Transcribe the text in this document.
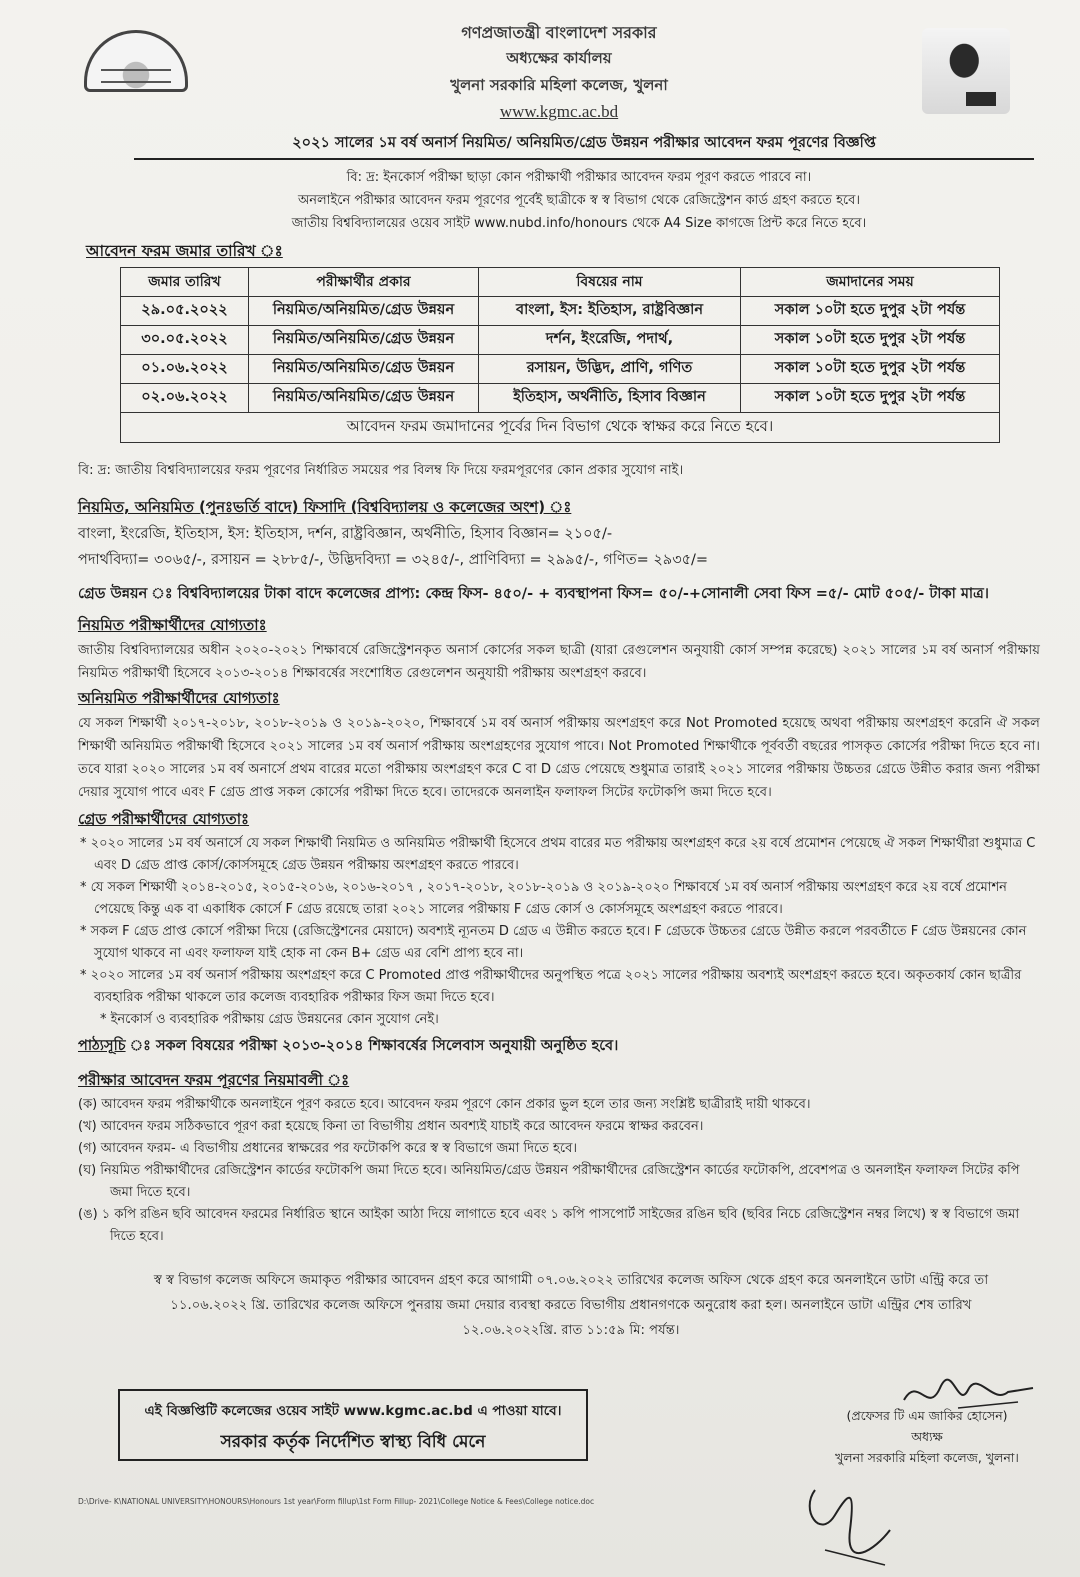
গণপ্রজাতন্ত্রী বাংলাদেশ সরকার
অধ্যক্ষের কার্যালয়
খুলনা সরকারি মহিলা কলেজ, খুলনা
www.kgmc.ac.bd
২০২১ সালের ১ম বর্ষ অনার্স নিয়মিত/ অনিয়মিত/গ্রেড উন্নয়ন পরীক্ষার আবেদন ফরম পূরণের বিজ্ঞপ্তি
বি: দ্র: ইনকোর্স পরীক্ষা ছাড়া কোন পরীক্ষার্থী পরীক্ষার আবেদন ফরম পূরণ করতে পারবে না।
অনলাইনে পরীক্ষার আবেদন ফরম পূরণের পূর্বেই ছাত্রীকে স্ব স্ব বিভাগ থেকে রেজিস্ট্রেশন কার্ড গ্রহণ করতে হবে।
জাতীয় বিশ্ববিদ্যালয়ের ওয়েব সাইট www.nubd.info/honours থেকে A4 Size কাগজে প্রিন্ট করে নিতে হবে।
আবেদন ফরম জমার তারিখ ঃ
জমার তারিখ	পরীক্ষার্থীর প্রকার	বিষয়ের নাম	জমাদানের সময়
২৯.০৫.২০২২	নিয়মিত/অনিয়মিত/গ্রেড উন্নয়ন	বাংলা, ইস: ইতিহাস, রাষ্ট্রবিজ্ঞান	সকাল ১০টা হতে দুপুর ২টা পর্যন্ত
৩০.০৫.২০২২	নিয়মিত/অনিয়মিত/গ্রেড উন্নয়ন	দর্শন, ইংরেজি, পদার্থ,	সকাল ১০টা হতে দুপুর ২টা পর্যন্ত
০১.০৬.২০২২	নিয়মিত/অনিয়মিত/গ্রেড উন্নয়ন	রসায়ন, উদ্ভিদ, প্রাণি, গণিত	সকাল ১০টা হতে দুপুর ২টা পর্যন্ত
০২.০৬.২০২২	নিয়মিত/অনিয়মিত/গ্রেড উন্নয়ন	ইতিহাস, অর্থনীতি, হিসাব বিজ্ঞান	সকাল ১০টা হতে দুপুর ২টা পর্যন্ত
আবেদন ফরম জমাদানের পূর্বের দিন বিভাগ থেকে স্বাক্ষর করে নিতে হবে।			
বি: দ্র: জাতীয় বিশ্ববিদ্যালয়ের ফরম পূরণের নির্ধারিত সময়ের পর বিলম্ব ফি দিয়ে ফরমপূরণের কোন প্রকার সুযোগ নাই।
নিয়মিত, অনিয়মিত (পুনঃভর্তি বাদে) ফিসাদি (বিশ্ববিদ্যালয় ও কলেজের অংশ) ঃ
বাংলা, ইংরেজি, ইতিহাস, ইস: ইতিহাস, দর্শন, রাষ্ট্রবিজ্ঞান, অর্থনীতি, হিসাব বিজ্ঞান= ২১০৫/-
পদার্থবিদ্যা= ৩০৬৫/-, রসায়ন = ২৮৮৫/-, উদ্ভিদবিদ্যা = ৩২৪৫/-, প্রাণিবিদ্যা = ২৯৯৫/-, গণিত= ২৯৩৫/=
গ্রেড উন্নয়ন ঃ বিশ্ববিদ্যালয়ের টাকা বাদে কলেজের প্রাপ্য: কেন্দ্র ফিস- ৪৫০/- + ব্যবস্থাপনা ফিস= ৫০/-+সোনালী সেবা ফিস =৫/- মোট ৫০৫/- টাকা মাত্র।
নিয়মিত পরীক্ষার্থীদের যোগ্যতাঃ
জাতীয় বিশ্ববিদ্যালয়ের অধীন ২০২০-২০২১ শিক্ষাবর্ষে রেজিস্ট্রেশনকৃত অনার্স কোর্সের সকল ছাত্রী (যারা রেগুলেশন অনুযায়ী কোর্স সম্পন্ন করেছে) ২০২১ সালের ১ম বর্ষ অনার্স পরীক্ষায় নিয়মিত পরীক্ষার্থী হিসেবে ২০১৩-২০১৪ শিক্ষাবর্ষের সংশোধিত রেগুলেশন অনুযায়ী পরীক্ষায় অংশগ্রহণ করবে।
অনিয়মিত পরীক্ষার্থীদের যোগ্যতাঃ
যে সকল শিক্ষার্থী ২০১৭-২০১৮, ২০১৮-২০১৯ ও ২০১৯-২০২০, শিক্ষাবর্ষে ১ম বর্ষ অনার্স পরীক্ষায় অংশগ্রহণ করে Not Promoted হয়েছে অথবা পরীক্ষায় অংশগ্রহণ করেনি ঐ সকল শিক্ষার্থী অনিয়মিত পরীক্ষার্থী হিসেবে ২০২১ সালের ১ম বর্ষ অনার্স পরীক্ষায় অংশগ্রহণের সুযোগ পাবে। Not Promoted শিক্ষার্থীকে পূর্ববর্তী বছরের পাসকৃত কোর্সের পরীক্ষা দিতে হবে না। তবে যারা ২০২০ সালের ১ম বর্ষ অনার্সে প্রথম বারের মতো পরীক্ষায় অংশগ্রহণ করে C বা D গ্রেড পেয়েছে শুধুমাত্র তারাই ২০২১ সালের পরীক্ষায় উচ্চতর গ্রেডে উন্নীত করার জন্য পরীক্ষা দেয়ার সুযোগ পাবে এবং F গ্রেড প্রাপ্ত সকল কোর্সের পরীক্ষা দিতে হবে। তাদেরকে অনলাইন ফলাফল সিটের ফটোকপি জমা দিতে হবে।
গ্রেড পরীক্ষার্থীদের যোগ্যতাঃ
* ২০২০ সালের ১ম বর্ষ অনার্সে যে সকল শিক্ষার্থী নিয়মিত ও অনিয়মিত পরীক্ষার্থী হিসেবে প্রথম বারের মত পরীক্ষায় অংশগ্রহণ করে ২য় বর্ষে প্রমোশন পেয়েছে ঐ সকল শিক্ষার্থীরা শুধুমাত্র C এবং D গ্রেড প্রাপ্ত কোর্স/কোর্সসমূহে গ্রেড উন্নয়ন পরীক্ষায় অংশগ্রহণ করতে পারবে।
* যে সকল শিক্ষার্থী ২০১৪-২০১৫, ২০১৫-২০১৬, ২০১৬-২০১৭ , ২০১৭-২০১৮, ২০১৮-২০১৯ ও ২০১৯-২০২০ শিক্ষাবর্ষে ১ম বর্ষ অনার্স পরীক্ষায় অংশগ্রহণ করে ২য় বর্ষে প্রমোশন পেয়েছে কিন্তু এক বা একাধিক কোর্সে F গ্রেড রয়েছে তারা ২০২১ সালের পরীক্ষায় F গ্রেড কোর্স ও কোর্সসমূহে অংশগ্রহণ করতে পারবে।
* সকল F গ্রেড প্রাপ্ত কোর্সে পরীক্ষা দিয়ে (রেজিস্ট্রেশনের মেয়াদে) অবশ্যই ন্যূনতম D গ্রেড এ উন্নীত করতে হবে। F গ্রেডকে উচ্চতর গ্রেডে উন্নীত করলে পরবর্তীতে F গ্রেড উন্নয়নের কোন সুযোগ থাকবে না এবং ফলাফল যাই হোক না কেন B+ গ্রেড এর বেশি প্রাপ্য হবে না।
* ২০২০ সালের ১ম বর্ষ অনার্স পরীক্ষায় অংশগ্রহণ করে C Promoted প্রাপ্ত পরীক্ষার্থীদের অনুপস্থিত পত্রে ২০২১ সালের পরীক্ষায় অবশ্যই অংশগ্রহণ করতে হবে। অকৃতকার্য কোন ছাত্রীর ব্যবহারিক পরীক্ষা থাকলে তার কলেজ ব্যবহারিক পরীক্ষার ফিস জমা দিতে হবে।
* ইনকোর্স ও ব্যবহারিক পরীক্ষায় গ্রেড উন্নয়নের কোন সুযোগ নেই।
পাঠ্যসূচি ঃ সকল বিষয়ের পরীক্ষা ২০১৩-২০১৪ শিক্ষাবর্ষের সিলেবাস অনুযায়ী অনুষ্ঠিত হবে।
পরীক্ষার আবেদন ফরম পূরণের নিয়মাবলী ঃ
(ক) আবেদন ফরম পরীক্ষার্থীকে অনলাইনে পূরণ করতে হবে। আবেদন ফরম পূরণে কোন প্রকার ভুল হলে তার জন্য সংশ্লিষ্ট ছাত্রীরাই দায়ী থাকবে।
(খ) আবেদন ফরম সঠিকভাবে পূরণ করা হয়েছে কিনা তা বিভাগীয় প্রধান অবশ্যই যাচাই করে আবেদন ফরমে স্বাক্ষর করবেন।
(গ) আবেদন ফরম- এ বিভাগীয় প্রধানের স্বাক্ষরের পর ফটোকপি করে স্ব স্ব বিভাগে জমা দিতে হবে।
(ঘ) নিয়মিত পরীক্ষার্থীদের রেজিস্ট্রেশন কার্ডের ফটোকপি জমা দিতে হবে। অনিয়মিত/গ্রেড উন্নয়ন পরীক্ষার্থীদের রেজিস্ট্রেশন কার্ডের ফটোকপি, প্রবেশপত্র ও অনলাইন ফলাফল সিটের কপি জমা দিতে হবে।
(ঙ) ১ কপি রঙিন ছবি আবেদন ফরমের নির্ধারিত স্থানে আইকা আঠা দিয়ে লাগাতে হবে এবং ১ কপি পাসপোর্ট সাইজের রঙিন ছবি (ছবির নিচে রেজিস্ট্রেশন নম্বর লিখে) স্ব স্ব বিভাগে জমা দিতে হবে।
স্ব স্ব বিভাগ কলেজ অফিসে জমাকৃত পরীক্ষার আবেদন গ্রহণ করে আগামী ০৭.০৬.২০২২ তারিখের কলেজ অফিস থেকে গ্রহণ করে অনলাইনে ডাটা এন্ট্রি করে তা
১১.০৬.২০২২ খ্রি. তারিখের কলেজ অফিসে পুনরায় জমা দেয়ার ব্যবস্থা করতে বিভাগীয় প্রধানগণকে অনুরোধ করা হল। অনলাইনে ডাটা এন্ট্রির শেষ তারিখ
১২.০৬.২০২২খ্রি. রাত ১১:৫৯ মি: পর্যন্ত।
এই বিজ্ঞপ্তিটি কলেজের ওয়েব সাইট www.kgmc.ac.bd এ পাওয়া যাবে।
সরকার কর্তৃক নির্দেশিত স্বাস্থ্য বিধি মেনে
(প্রফেসর টি এম জাকির হোসেন)
অধ্যক্ষ
খুলনা সরকারি মহিলা কলেজ, খুলনা।
D:\Drive- K\NATIONAL UNIVERSITY\HONOURS\Honours 1st year\Form fillup\1st Form Fillup- 2021\College Notice & Fees\College notice.doc
